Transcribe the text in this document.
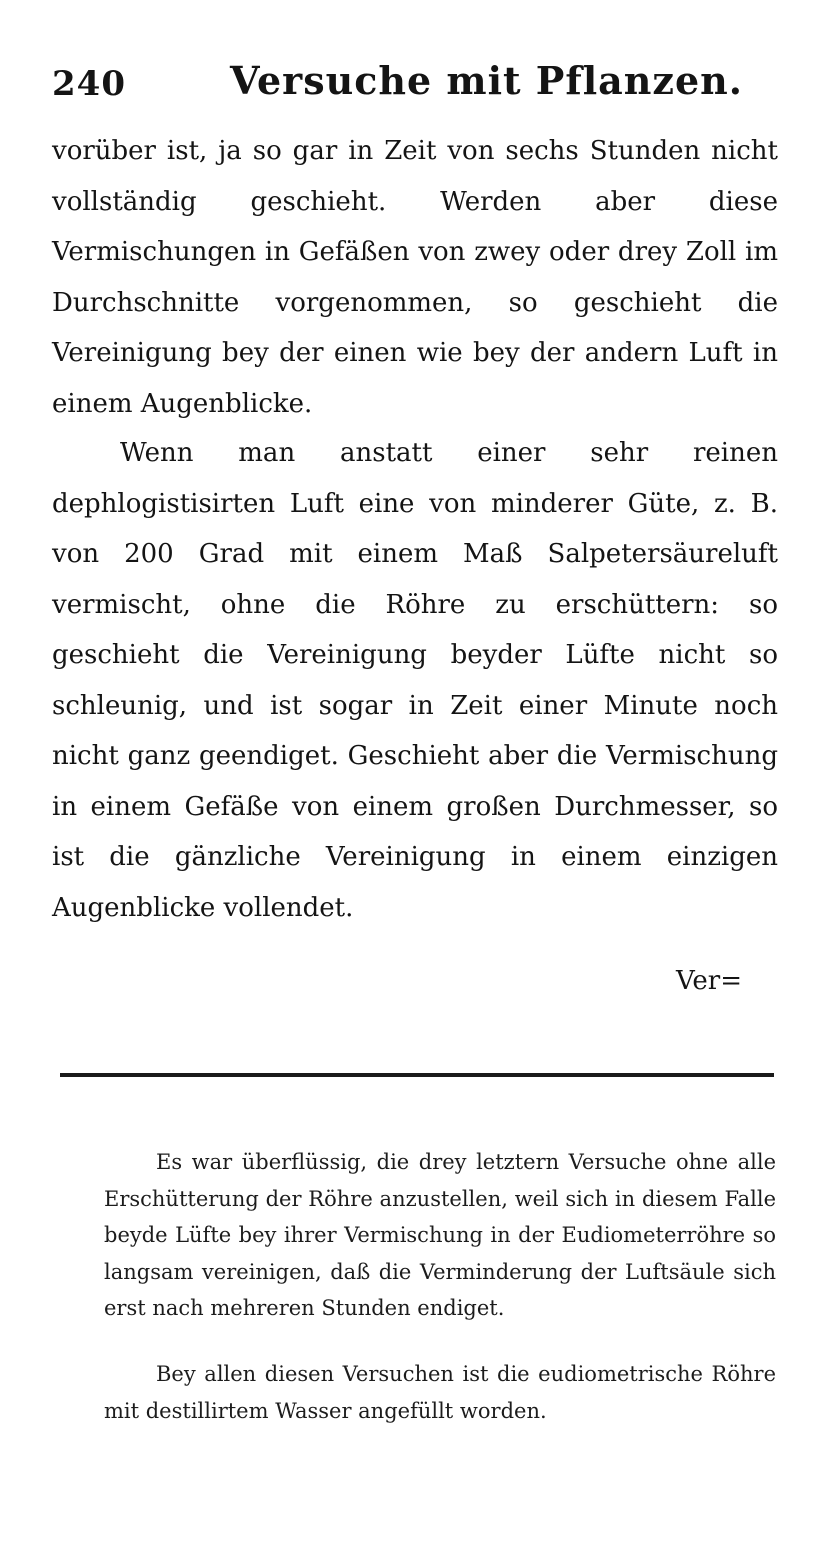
240	Versuche mit Pflanzen.

vorüber ist, ja so gar in Zeit von sechs Stunden nicht vollständig geschieht. Werden aber diese Vermischungen in Gefäßen von zwey oder drey Zoll im Durchschnitte vorgenommen, so geschieht die Vereinigung bey der einen wie bey der andern Luft in einem Augenblicke.

Wenn man anstatt einer sehr reinen dephlogistisirten Luft eine von minderer Güte, z. B. von 200 Grad mit einem Maß Salpetersäureluft vermischt, ohne die Röhre zu erschüttern: so geschieht die Vereinigung beyder Lüfte nicht so schleunig, und ist sogar in Zeit einer Minute noch nicht ganz geendiget. Geschieht aber die Vermischung in einem Gefäße von einem großen Durchmesser, so ist die gänzliche Vereinigung in einem einzigen Augenblicke vollendet.

Ver=

Es war überflüssig, die drey letztern Versuche ohne alle Erschütterung der Röhre anzustellen, weil sich in diesem Falle beyde Lüfte bey ihrer Vermischung in der Eudiometerröhre so langsam vereinigen, daß die Verminderung der Luftsäule sich erst nach mehreren Stunden endiget.

Bey allen diesen Versuchen ist die eudiometrische Röhre mit destillirtem Wasser angefüllt worden.
